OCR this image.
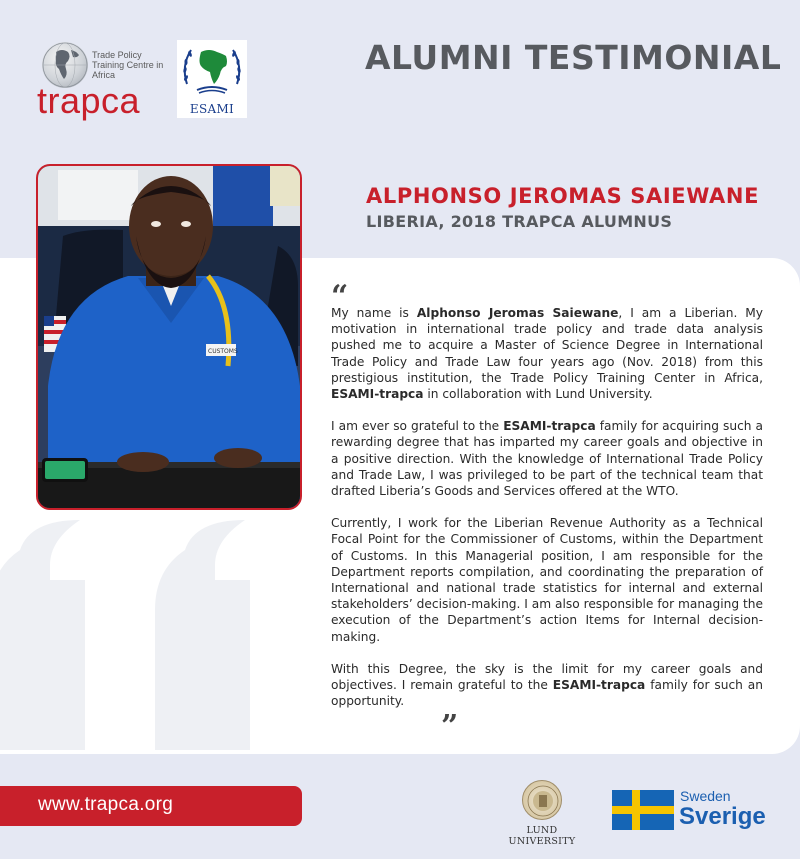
Trade Policy Training Centre in Africa
trapca	ESAMI
ALUMNI TESTIMONIAL
CUSTOMS
ALPHONSO JEROMAS SAIEWANE
LIBERIA, 2018 TRAPCA ALUMNUS
“

My name is Alphonso Jeromas Saiewane, I am a Liberian. My motivation in international trade policy and trade data analysis pushed me to acquire a Master of Science Degree in International Trade Policy and Trade Law four years ago (Nov. 2018) from this prestigious institution, the Trade Policy Training Center in Africa, ESAMI-trapca in collaboration with Lund University.

I am ever so grateful to the ESAMI-trapca family for acquiring such a rewarding degree that has imparted my career goals and objective in a positive direction. With the knowledge of International Trade Policy and Trade Law, I was privileged to be part of the technical team that drafted Liberia’s Goods and Services offered at the WTO.

Currently, I work for the Liberian Revenue Authority as a Technical Focal Point for the Commissioner of Customs, within the Department of Customs. In this Managerial position, I am responsible for the Department reports compilation, and coordinating the preparation of International and national trade statistics for internal and external stakeholders’ decision-making. I am also responsible for managing the execution of the Department’s action Items for Internal decision-making.

With this Degree, the sky is the limit for my career goals and objectives. I remain grateful to the ESAMI-trapca family for such an opportunity.

”
www.trapca.org
LUND UNIVERSITY
Sweden
Sverige
